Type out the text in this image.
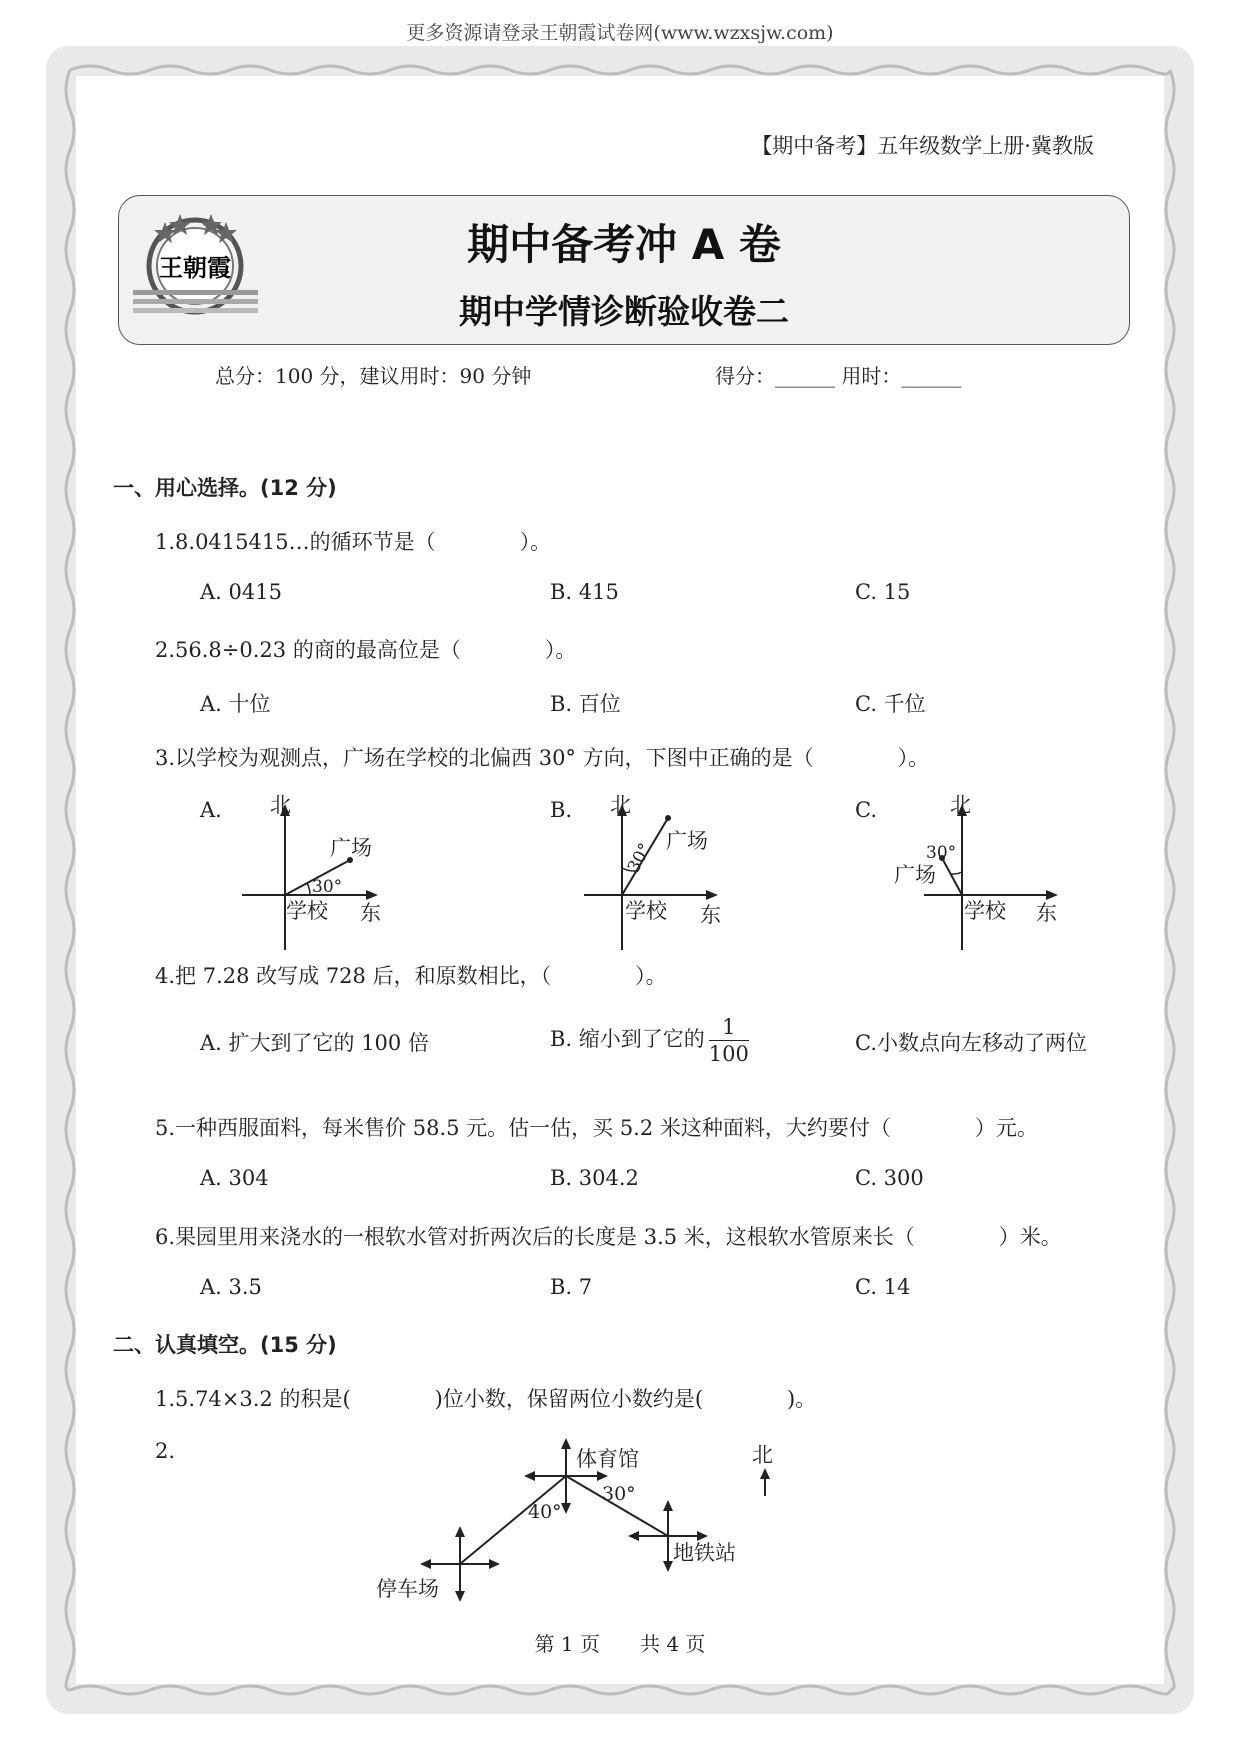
更多资源请登录王朝霞试卷网(www.wzxsjw.com)
【期中备考】五年级数学上册·冀教版
王朝霞	期中备考冲 A 卷
期中学情诊断验收卷二
总分：100 分，建议用时：90 分钟	得分：______ 用时：______
一、用心选择。(12 分)
1.8.0415415…的循环节是（　　　　）。
A. 0415	B. 415	C. 15
2.56.8÷0.23 的商的最高位是（　　　　）。
A. 十位	B. 百位	C. 千位
3.以学校为观测点，广场在学校的北偏西 30° 方向，下图中正确的是（　　　　）。
A.	B.	C.
北
广场
30°
学校 东
北
广场
30°
学校 东
北
30°
广场
学校 东
4.把 7.28 改写成 728 后，和原数相比，（　　　　）。
A. 扩大到了它的 100 倍	B. 缩小到了它的 $\frac{1}{100}$	C.小数点向左移动了两位
5.一种西服面料，每米售价 58.5 元。估一估，买 5.2 米这种面料，大约要付（　　　　）元。
A. 304	B. 304.2	C. 300
6.果园里用来浇水的一根软水管对折两次后的长度是 3.5 米，这根软水管原来长（　　　　）米。
A. 3.5	B. 7	C. 14
二、认真填空。(15 分)
1.5.74×3.2 的积是(　　　　)位小数，保留两位小数约是(　　　　)。
2.	体育馆
30°
40°
地铁站
停车场
北
第 1 页　　共 4 页
